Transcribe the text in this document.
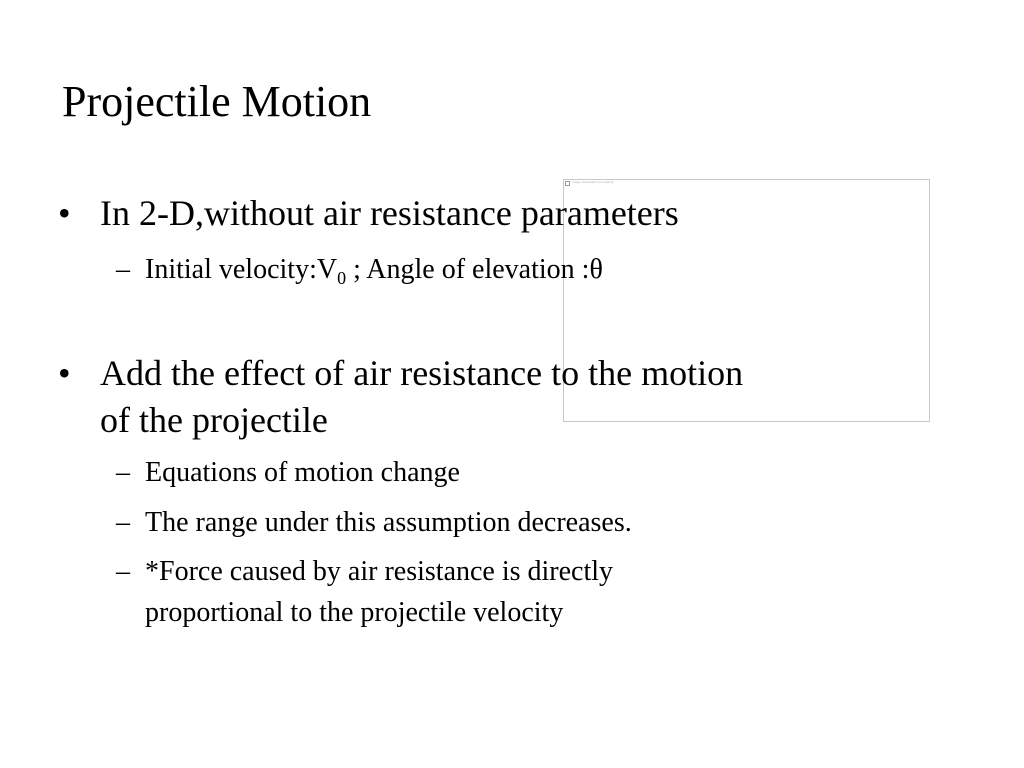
Projectile Motion
Image placeholder (not loaded)
• In 2-D,without air resistance parameters
– Initial $velocity:V_0$ ; Angle of elevation :θ
• Add the effect of air resistance to the motion
of the projectile
– Equations of motion change
– The range under this assumption decreases.
– *Force caused by air resistance is directly
proportional to the projectile velocity
